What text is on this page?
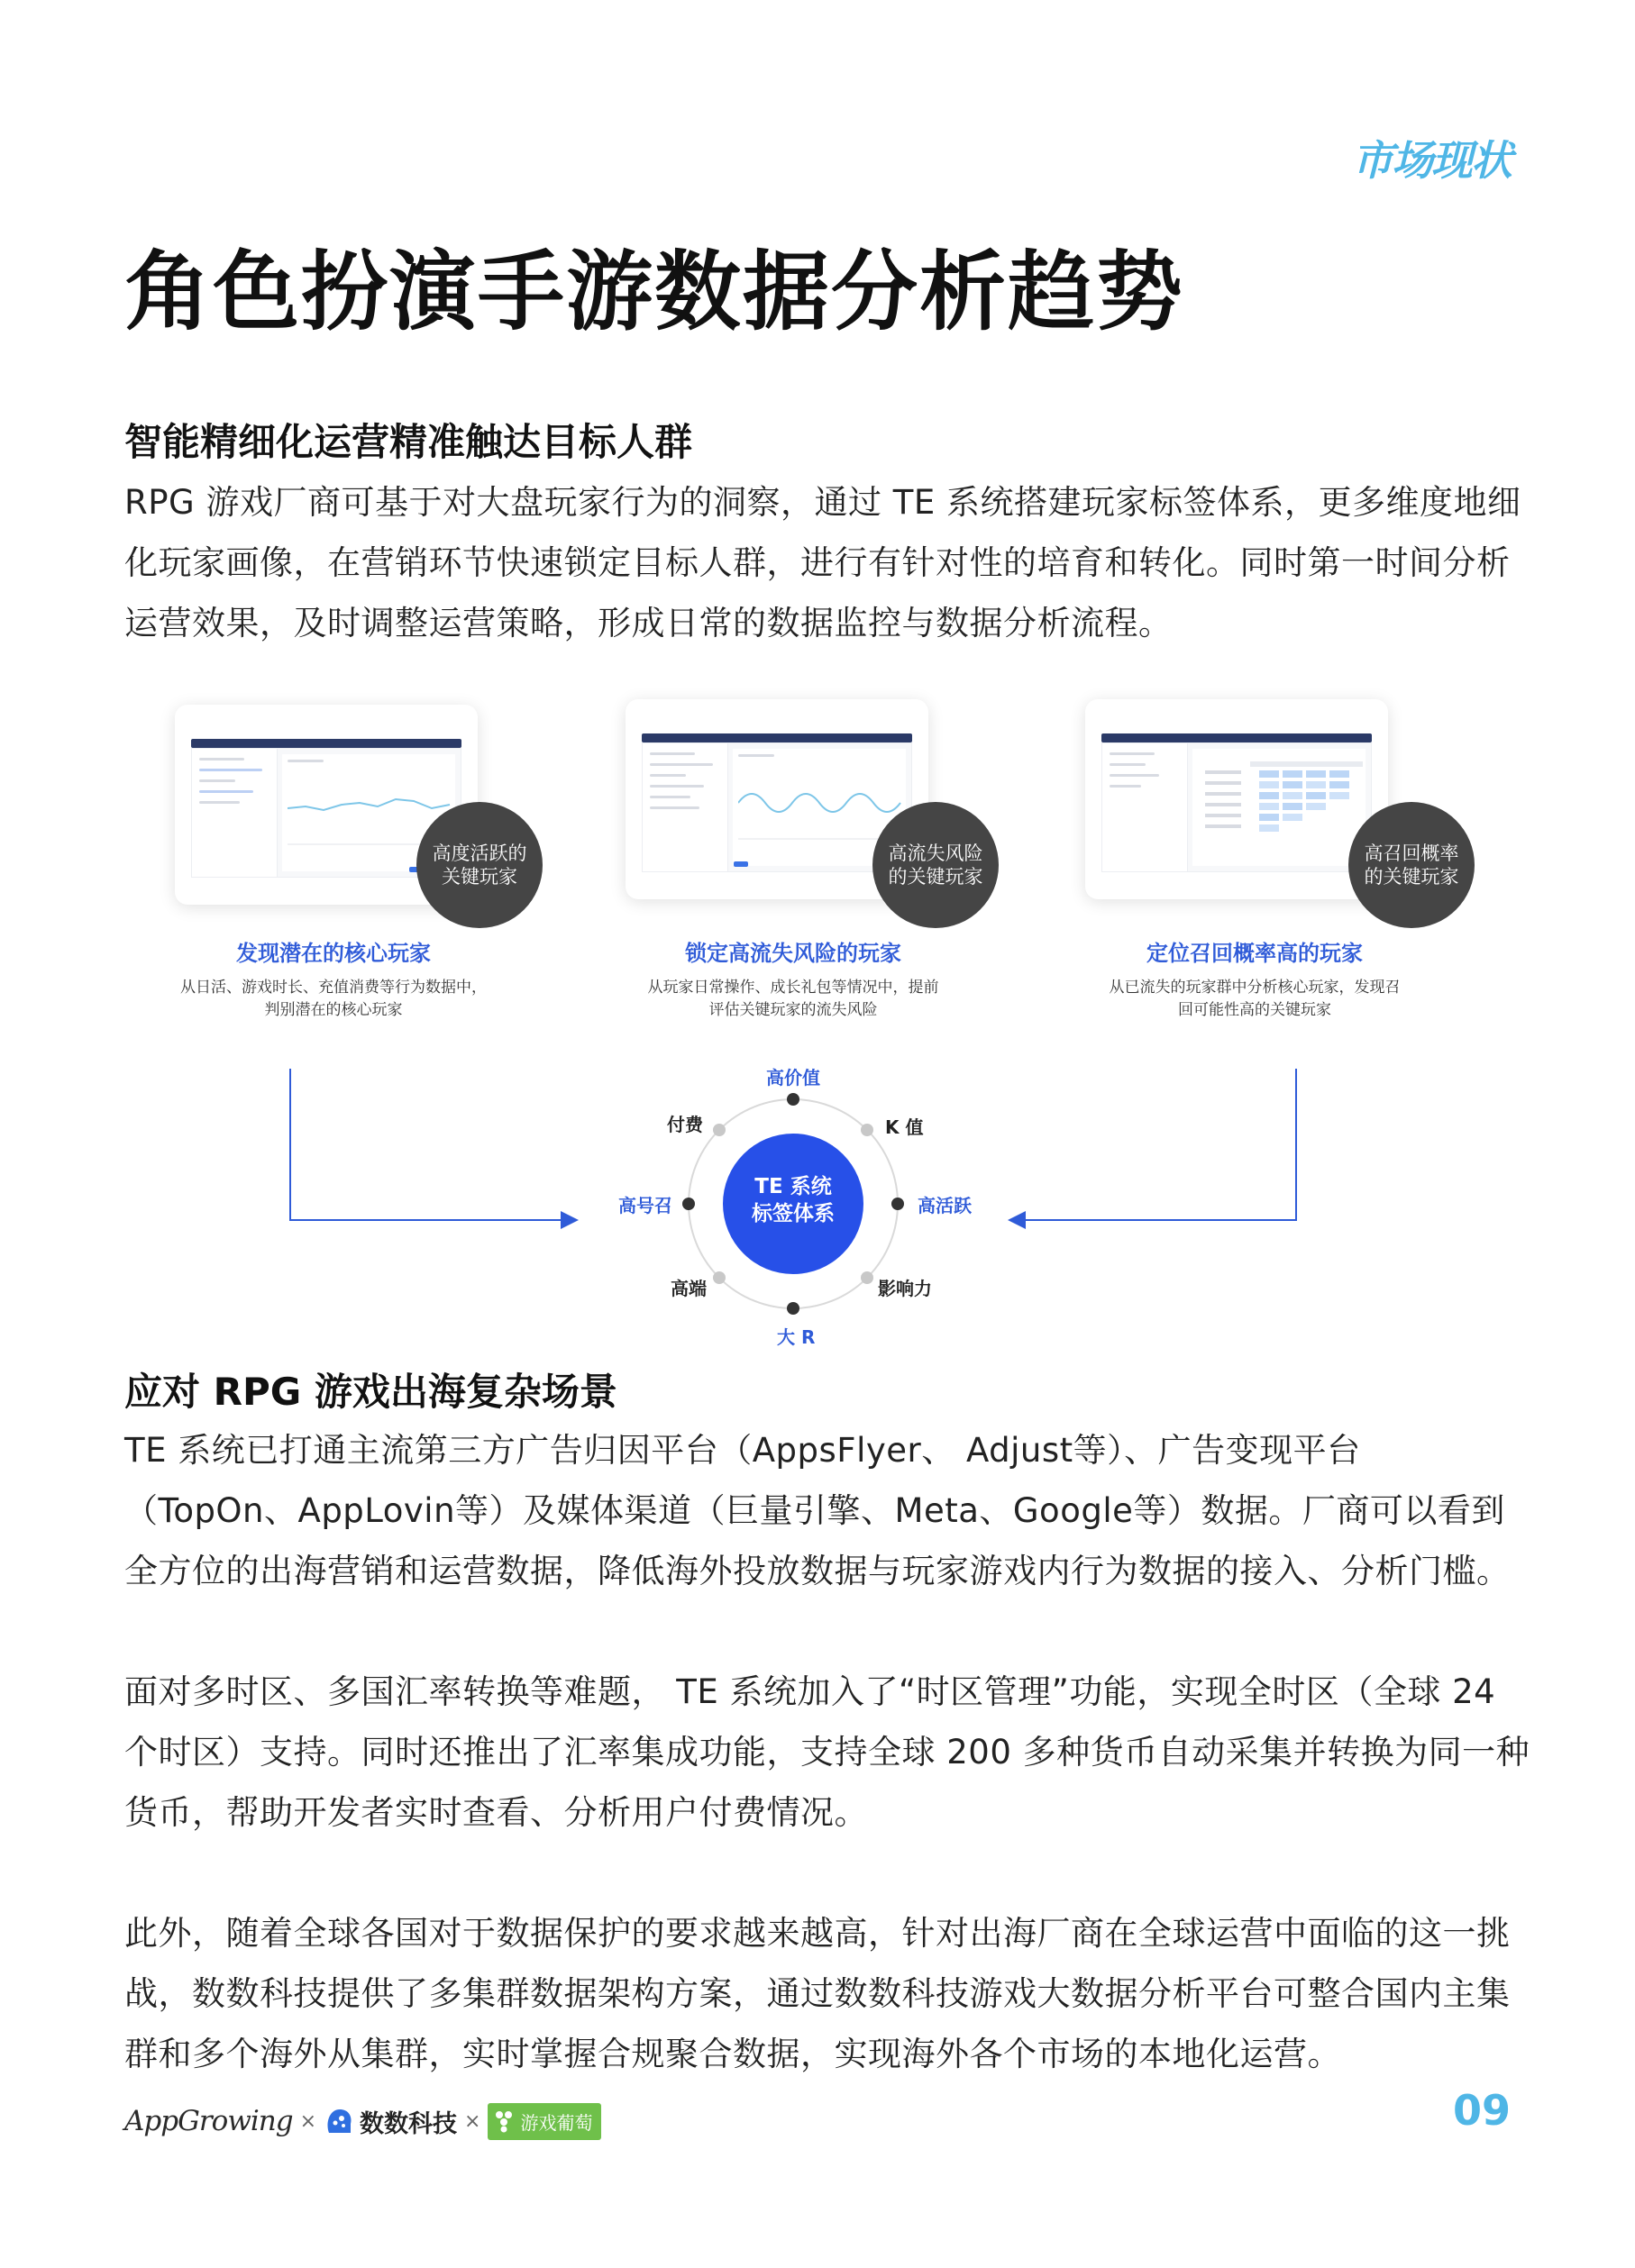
市场现状
角色扮演手游数据分析趋势
智能精细化运营精准触达目标人群
RPG 游戏厂商可基于对大盘玩家行为的洞察，通过 TE 系统搭建玩家标签体系，更多维度地细化玩家画像，在营销环节快速锁定目标人群，进行有针对性的培育和转化。同时第一时间分析运营效果，及时调整运营策略，形成日常的数据监控与数据分析流程。
高度活跃的
关键玩家
发现潜在的核心玩家
从日活、游戏时长、充值消费等行为数据中，
判别潜在的核心玩家
高流失风险
的关键玩家
锁定高流失风险的玩家
从玩家日常操作、成长礼包等情况中，提前
评估关键玩家的流失风险
高召回概率
的关键玩家
定位召回概率高的玩家
从已流失的玩家群中分析核心玩家，发现召
回可能性高的关键玩家
TE 系统
标签体系
高价值
K 值
高活跃
影响力
大 R
高端
高号召
付费
应对 RPG 游戏出海复杂场景
TE 系统已打通主流第三方广告归因平台（AppsFlyer、 Adjust等）、广告变现平台（TopOn、AppLovin等）及媒体渠道（巨量引擎、Meta、Google等）数据。厂商可以看到全方位的出海营销和运营数据，降低海外投放数据与玩家游戏内行为数据的接入、分析门槛。
面对多时区、多国汇率转换等难题， TE 系统加入了“时区管理”功能，实现全时区（全球 24 个时区）支持。同时还推出了汇率集成功能，支持全球 200 多种货币自动采集并转换为同一种货币，帮助开发者实时查看、分析用户付费情况。
此外，随着全球各国对于数据保护的要求越来越高，针对出海厂商在全球运营中面临的这一挑战，数数科技提供了多集群数据架构方案，通过数数科技游戏大数据分析平台可整合国内主集群和多个海外从集群，实时掌握合规聚合数据，实现海外各个市场的本地化运营。
AppGrowing × 数数科技 × 游戏葡萄	09
